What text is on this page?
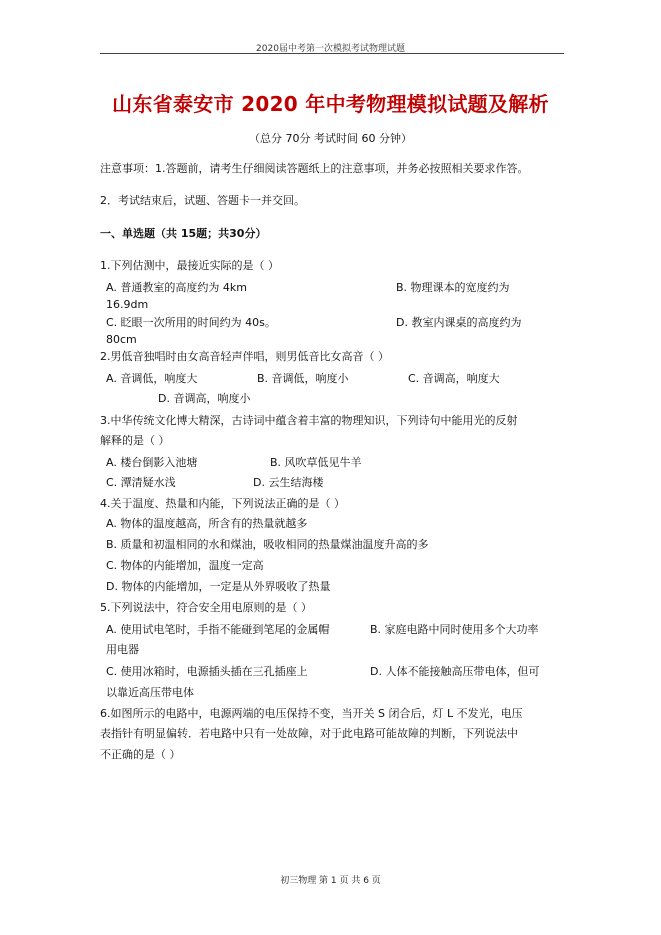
2020届中考第一次模拟考试物理试题
山东省泰安市 2020 年中考物理模拟试题及解析
（总分 70分 考试时间 60 分钟）
注意事项：1.答题前，请考生仔细阅读答题纸上的注意事项，并务必按照相关要求作答。
2．考试结束后，试题、答题卡一并交回。
一、单选题（共 15题；共30分）
1.下列估测中，最接近实际的是（ ）
A. 普通教室的高度约为 4km	B. 物理课本的宽度约为
16.9dm
C. 眨眼一次所用的时间约为 40s。	D. 教室内课桌的高度约为
80cm
2.男低音独唱时由女高音轻声伴唱，则男低音比女高音（ ）
A. 音调低，响度大	B. 音调低，响度小	C. 音调高，响度大
D. 音调高，响度小
3.中华传统文化博大精深，古诗词中蕴含着丰富的物理知识，下列诗句中能用光的反射
解释的是（ ）
A. 楼台倒影入池塘	B. 风吹草低见牛羊
C. 潭清疑水浅	D. 云生结海楼
4.关于温度、热量和内能，下列说法正确的是（ ）
A. 物体的温度越高，所含有的热量就越多
B. 质量和初温相同的水和煤油，吸收相同的热量煤油温度升高的多
C. 物体的内能增加，温度一定高
D. 物体的内能增加，一定是从外界吸收了热量
5.下列说法中，符合安全用电原则的是（ ）
A. 使用试电笔时，手指不能碰到笔尾的金属帽	B. 家庭电路中同时使用多个大功率
用电器
C. 使用冰箱时，电源插头插在三孔插座上	D. 人体不能接触高压带电体，但可
以靠近高压带电体
6.如图所示的电路中，电源两端的电压保持不变，当开关 S 闭合后，灯 L 不发光，电压
表指针有明显偏转．若电路中只有一处故障，对于此电路可能故障的判断，下列说法中
不正确的是（ ）
初三物理 第 1 页 共 6 页
